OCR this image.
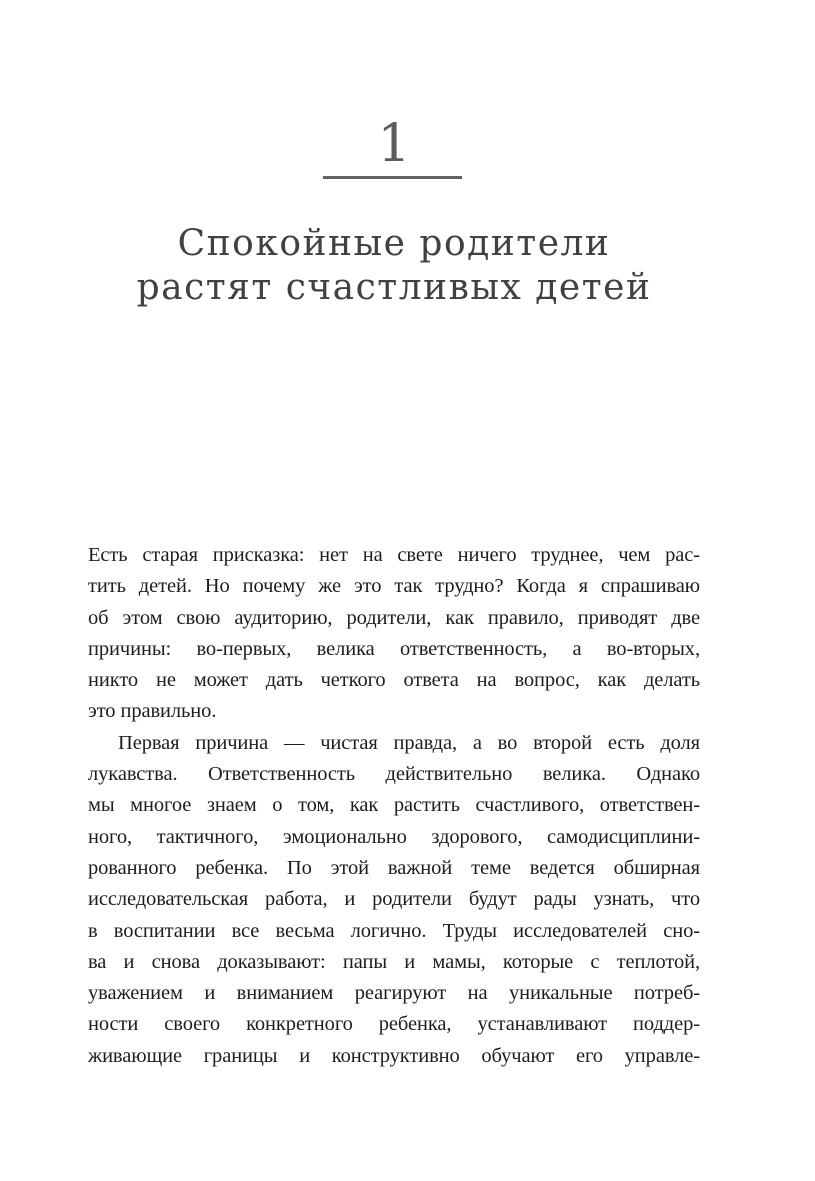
1
Спокойные родители
растят счастливых детей
Есть старая присказка: нет на свете ничего труднее, чем рас-
тить детей. Но почему же это так трудно? Когда я спрашиваю
об этом свою аудиторию, родители, как правило, приводят две
причины: во-первых, велика ответственность, а во-вторых,
никто не может дать четкого ответа на вопрос, как делать
это правильно.
Первая причина — чистая правда, а во второй есть доля
лукавства. Ответственность действительно велика. Однако
мы многое знаем о том, как растить счастливого, ответствен-
ного, тактичного, эмоционально здорового, самодисциплини-
рованного ребенка. По этой важной теме ведется обширная
исследовательская работа, и родители будут рады узнать, что
в воспитании все весьма логично. Труды исследователей сно-
ва и снова доказывают: папы и мамы, которые с теплотой,
уважением и вниманием реагируют на уникальные потреб-
ности своего конкретного ребенка, устанавливают поддер-
живающие границы и конструктивно обучают его управле-
